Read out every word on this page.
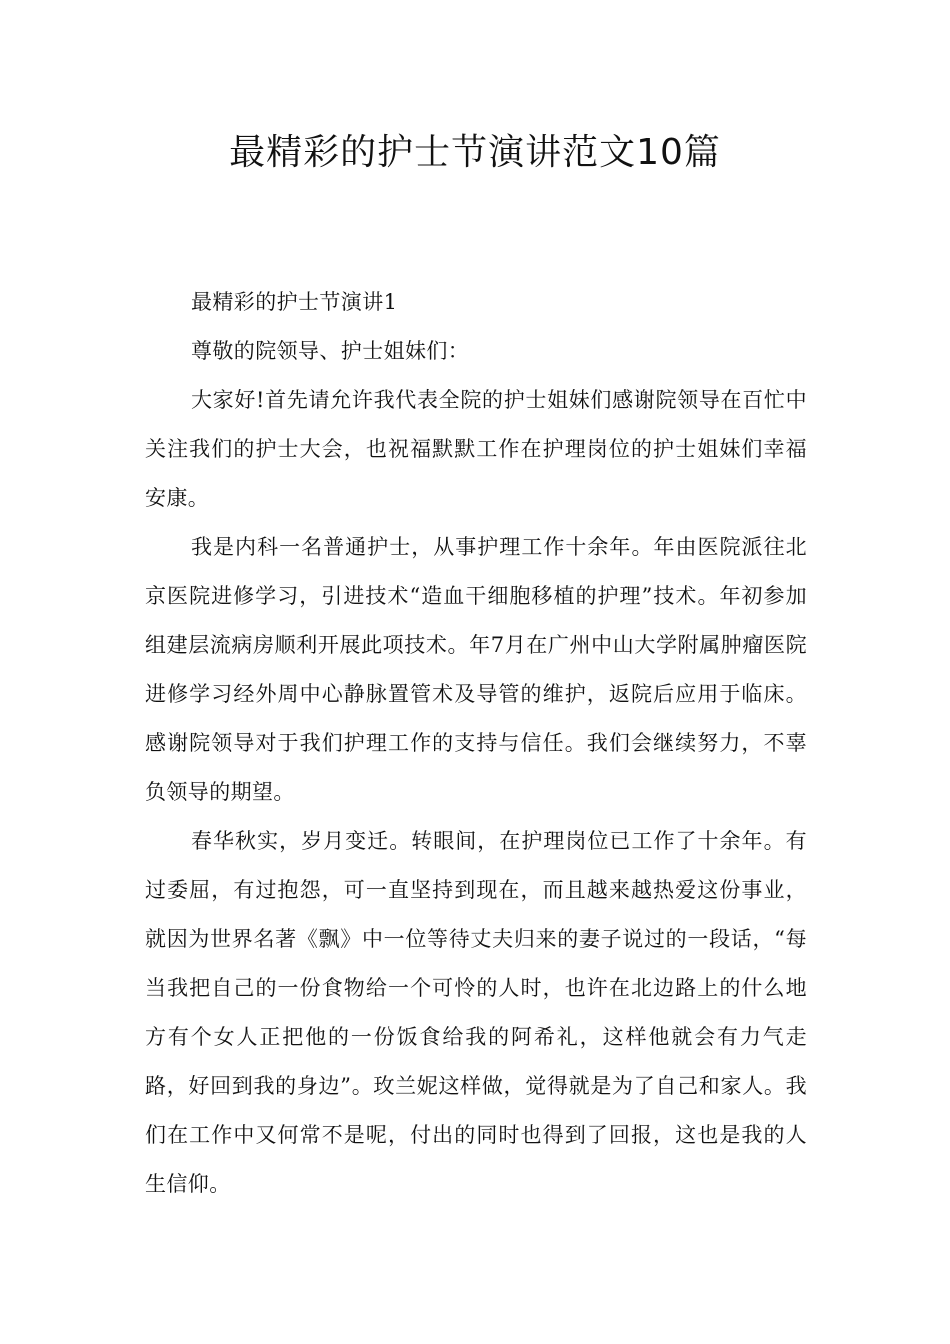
最精彩的护士节演讲范文10篇

最精彩的护士节演讲1

尊敬的院领导、护士姐妹们：

大家好!首先请允许我代表全院的护士姐妹们感谢院领导在百忙中关注我们的护士大会，也祝福默默工作在护理岗位的护士姐妹们幸福安康。

我是内科一名普通护士，从事护理工作十余年。年由医院派往北京医院进修学习，引进技术“造血干细胞移植的护理”技术。年初参加组建层流病房顺利开展此项技术。年7月在广州中山大学附属肿瘤医院进修学习经外周中心静脉置管术及导管的维护，返院后应用于临床。感谢院领导对于我们护理工作的支持与信任。我们会继续努力，不辜负领导的期望。

春华秋实，岁月变迁。转眼间，在护理岗位已工作了十余年。有过委屈，有过抱怨，可一直坚持到现在，而且越来越热爱这份事业，就因为世界名著《飘》中一位等待丈夫归来的妻子说过的一段话，“每当我把自己的一份食物给一个可怜的人时，也许在北边路上的什么地方有个女人正把他的一份饭食给我的阿希礼，这样他就会有力气走路，好回到我的身边”。玫兰妮这样做，觉得就是为了自己和家人。我们在工作中又何常不是呢，付出的同时也得到了回报，这也是我的人生信仰。
